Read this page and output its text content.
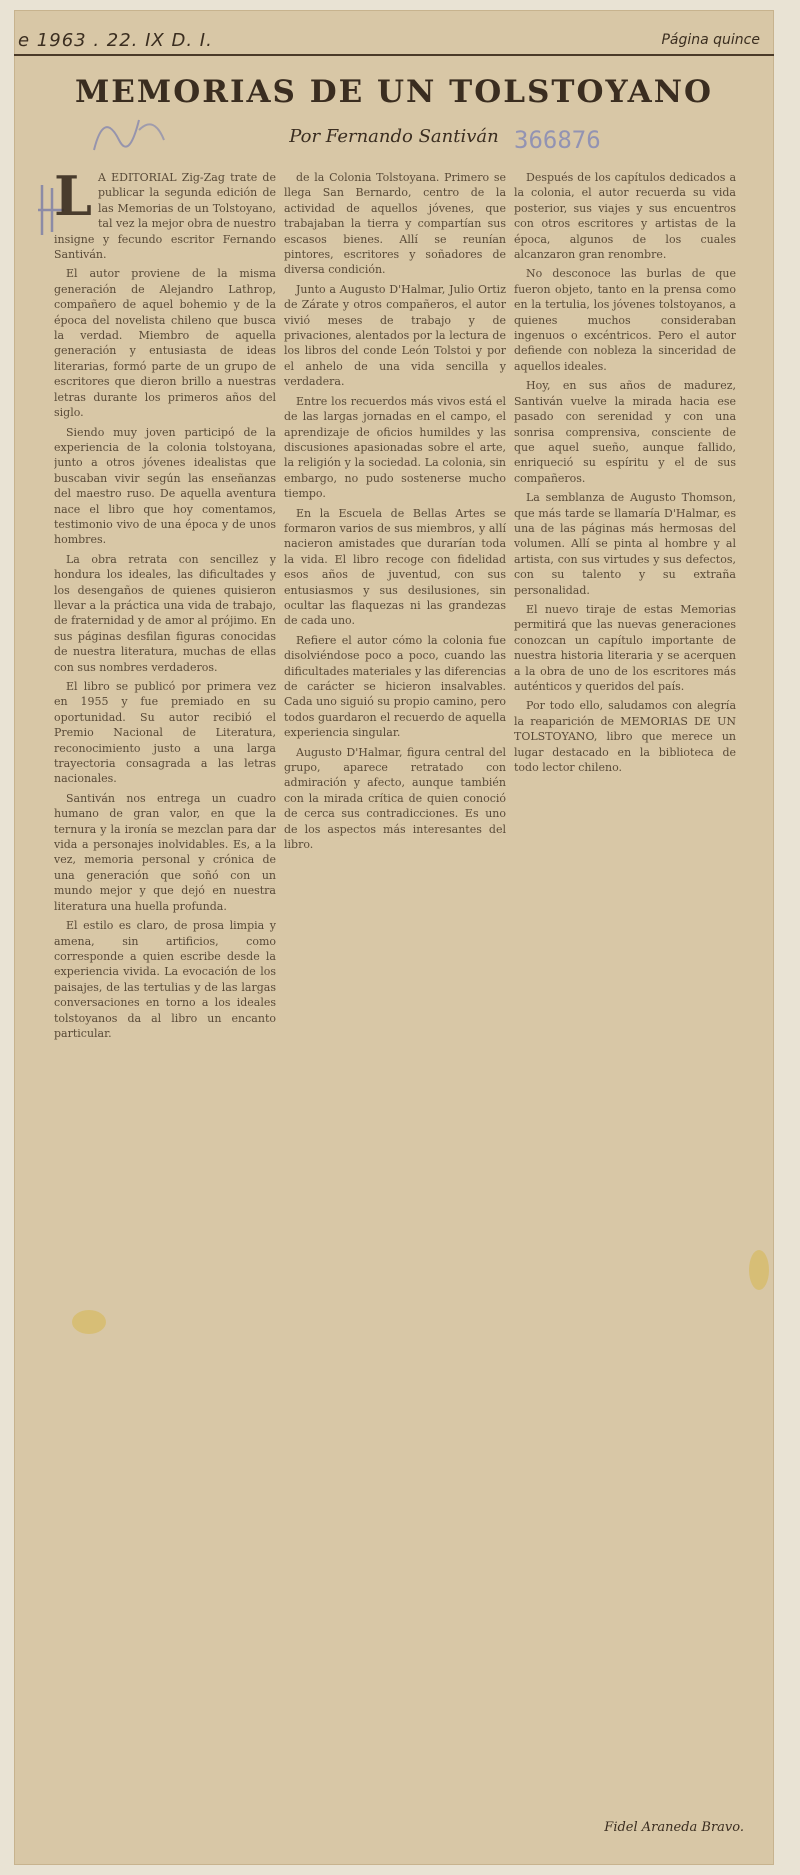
e 1963 . 22. IX D. I.	Página quince
MEMORIAS DE UN TOLSTOYANO
Por Fernando Santiván 366876
L A EDITORIAL Zig-Zag trate de publicar la segunda edición de las Memorias de un Tolstoyano, tal vez la mejor obra de nuestro insigne y fecundo escritor Fernando Santiván.

El autor proviene de la misma generación de Alejandro Lathrop, compañero de aquel bohemio y de la época del novelista chileno que busca la verdad. Miembro de aquella generación y entusiasta de ideas literarias, formó parte de un grupo de escritores que dieron brillo a nuestras letras durante los primeros años del siglo.

Siendo muy joven participó de la experiencia de la colonia tolstoyana, junto a otros jóvenes idealistas que buscaban vivir según las enseñanzas del maestro ruso. De aquella aventura nace el libro que hoy comentamos, testimonio vivo de una época y de unos hombres.

La obra retrata con sencillez y hondura los ideales, las dificultades y los desengaños de quienes quisieron llevar a la práctica una vida de trabajo, de fraternidad y de amor al prójimo. En sus páginas desfilan figuras conocidas de nuestra literatura, muchas de ellas con sus nombres verdaderos.

El libro se publicó por primera vez en 1955 y fue premiado en su oportunidad. Su autor recibió el Premio Nacional de Literatura, reconocimiento justo a una larga trayectoria consagrada a las letras nacionales.

Santiván nos entrega un cuadro humano de gran valor, en que la ternura y la ironía se mezclan para dar vida a personajes inolvidables. Es, a la vez, memoria personal y crónica de una generación que soñó con un mundo mejor y que dejó en nuestra literatura una huella profunda.

El estilo es claro, de prosa limpia y amena, sin artificios, como corresponde a quien escribe desde la experiencia vivida. La evocación de los paisajes, de las tertulias y de las largas conversaciones en torno a los ideales tolstoyanos da al libro un encanto particular.

de la Colonia Tolstoyana. Primero se llega San Bernardo, centro de la actividad de aquellos jóvenes, que trabajaban la tierra y compartían sus escasos bienes. Allí se reunían pintores, escritores y soñadores de diversa condición.

Junto a Augusto D'Halmar, Julio Ortiz de Zárate y otros compañeros, el autor vivió meses de trabajo y de privaciones, alentados por la lectura de los libros del conde León Tolstoi y por el anhelo de una vida sencilla y verdadera.

Entre los recuerdos más vivos está el de las largas jornadas en el campo, el aprendizaje de oficios humildes y las discusiones apasionadas sobre el arte, la religión y la sociedad. La colonia, sin embargo, no pudo sostenerse mucho tiempo.

En la Escuela de Bellas Artes se formaron varios de sus miembros, y allí nacieron amistades que durarían toda la vida. El libro recoge con fidelidad esos años de juventud, con sus entusiasmos y sus desilusiones, sin ocultar las flaquezas ni las grandezas de cada uno.

Refiere el autor cómo la colonia fue disolviéndose poco a poco, cuando las dificultades materiales y las diferencias de carácter se hicieron insalvables. Cada uno siguió su propio camino, pero todos guardaron el recuerdo de aquella experiencia singular.

Augusto D'Halmar, figura central del grupo, aparece retratado con admiración y afecto, aunque también con la mirada crítica de quien conoció de cerca sus contradicciones. Es uno de los aspectos más interesantes del libro.

Después de los capítulos dedicados a la colonia, el autor recuerda su vida posterior, sus viajes y sus encuentros con otros escritores y artistas de la época, algunos de los cuales alcanzaron gran renombre.

No desconoce las burlas de que fueron objeto, tanto en la prensa como en la tertulia, los jóvenes tolstoyanos, a quienes muchos consideraban ingenuos o excéntricos. Pero el autor defiende con nobleza la sinceridad de aquellos ideales.

Hoy, en sus años de madurez, Santiván vuelve la mirada hacia ese pasado con serenidad y con una sonrisa comprensiva, consciente de que aquel sueño, aunque fallido, enriqueció su espíritu y el de sus compañeros.

La semblanza de Augusto Thomson, que más tarde se llamaría D'Halmar, es una de las páginas más hermosas del volumen. Allí se pinta al hombre y al artista, con sus virtudes y sus defectos, con su talento y su extraña personalidad.

El nuevo tiraje de estas Memorias permitirá que las nuevas generaciones conozcan un capítulo importante de nuestra historia literaria y se acerquen a la obra de uno de los escritores más auténticos y queridos del país.

Por todo ello, saludamos con alegría la reaparición de MEMORIAS DE UN TOLSTOYANO, libro que merece un lugar destacado en la biblioteca de todo lector chileno.

Fidel Araneda Bravo.
